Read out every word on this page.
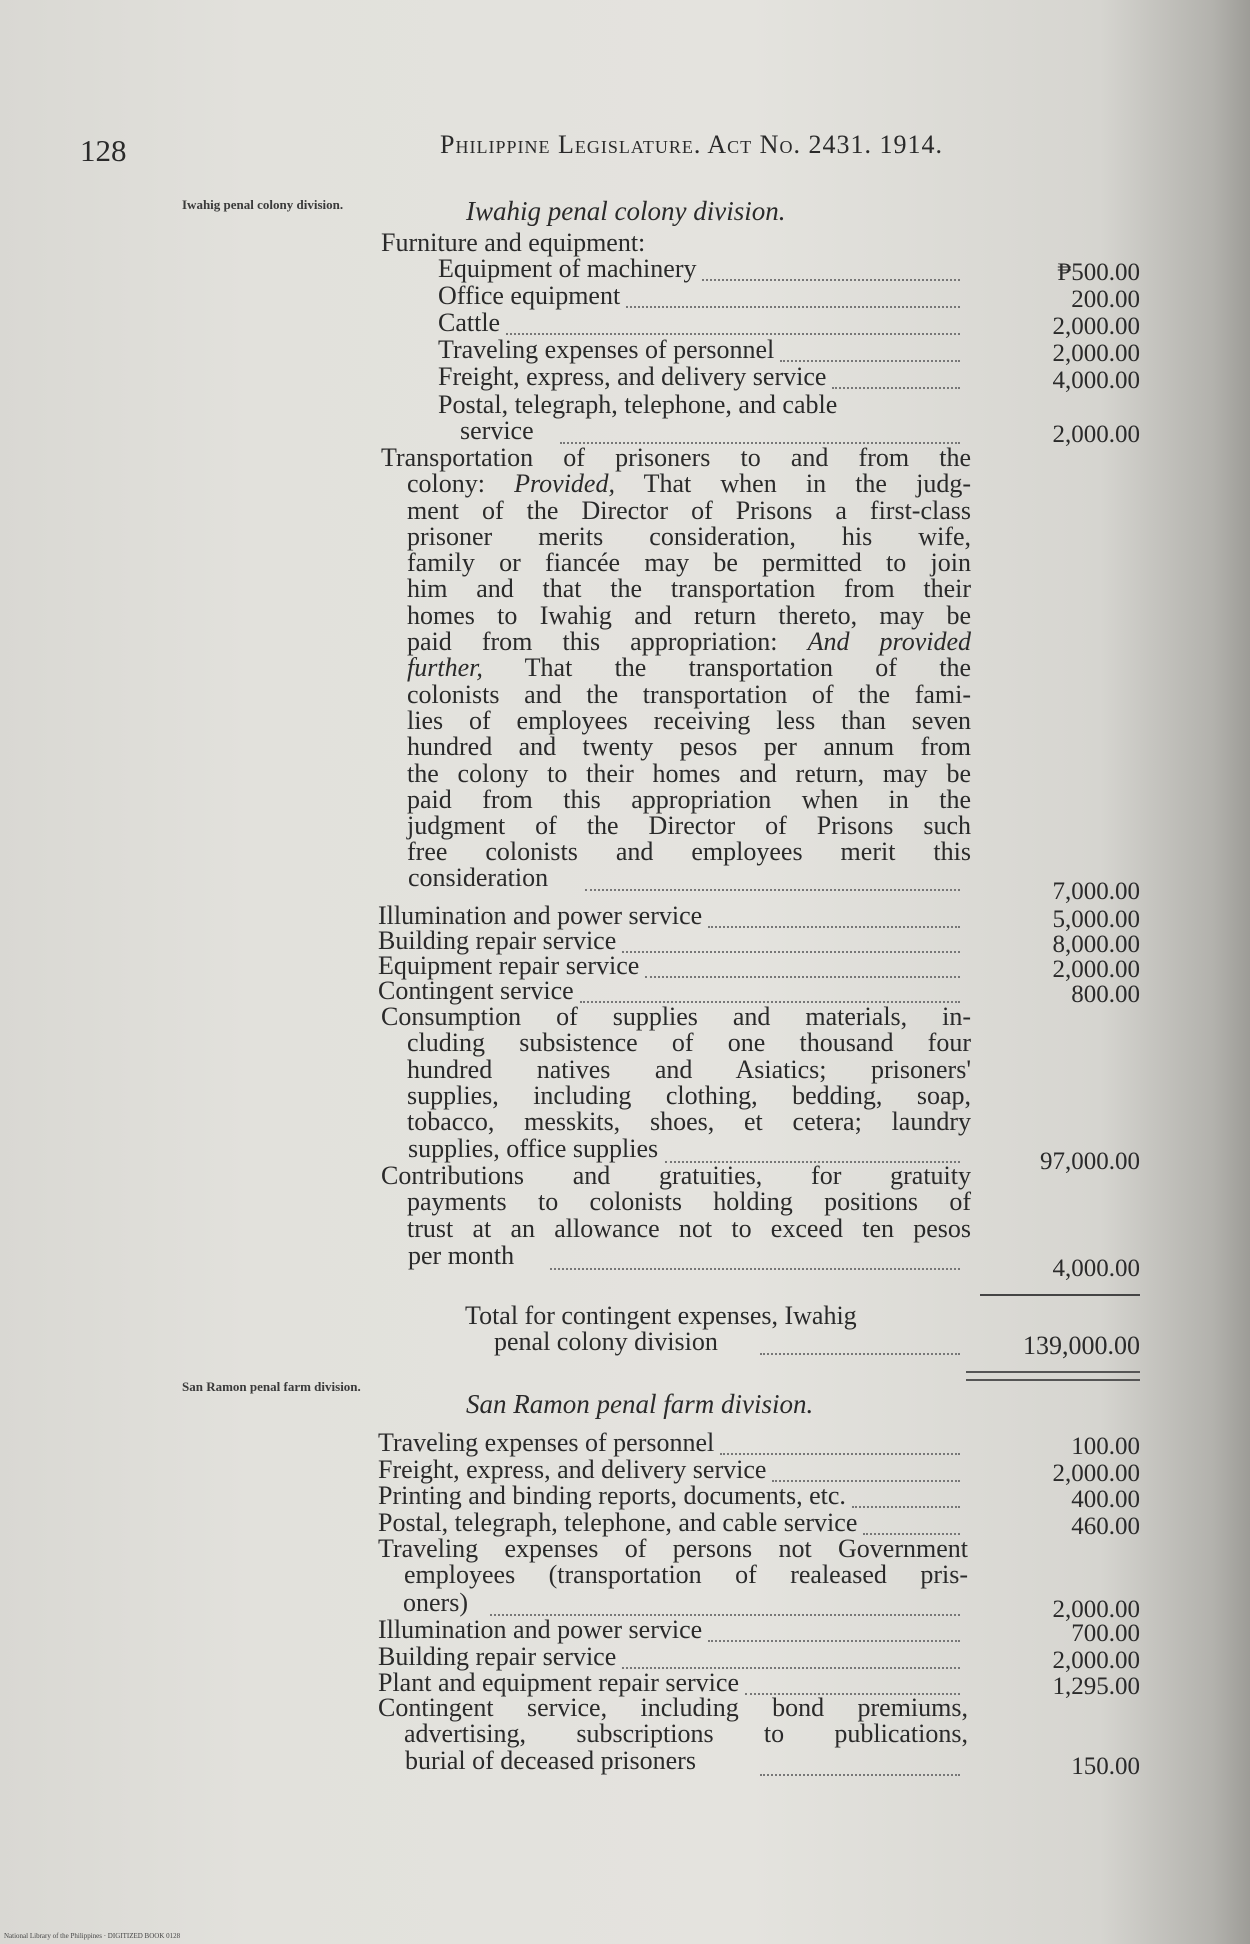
128	Philippine Legislature. Act No. 2431. 1914.
Iwahig penal colony division.	Iwahig penal colony division.
Furniture and equipment:
Equipment of machinery	₱500.00
Office equipment	200.00
Cattle	2,000.00
Traveling expenses of personnel	2,000.00
Freight, express, and delivery service	4,000.00
Postal, telegraph, telephone, and cable
service	2,000.00
Transportation of prisoners to and from the
colony: Provided, That when in the judg-
ment of the Director of Prisons a first-class
prisoner merits consideration, his wife,
family or fiancée may be permitted to join
him and that the transportation from their
homes to Iwahig and return thereto, may be
paid from this appropriation: And provided
further, That the transportation of the
colonists and the transportation of the fami-
lies of employees receiving less than seven
hundred and twenty pesos per annum from
the colony to their homes and return, may be
paid from this appropriation when in the
judgment of the Director of Prisons such
free colonists and employees merit this
consideration	7,000.00
Illumination and power service	5,000.00
Building repair service	8,000.00
Equipment repair service	2,000.00
Contingent service	800.00
Consumption of supplies and materials, in-
cluding subsistence of one thousand four
hundred natives and Asiatics; prisoners'
supplies, including clothing, bedding, soap,
tobacco, messkits, shoes, et cetera; laundry
supplies, office supplies	97,000.00
Contributions and gratuities, for gratuity
payments to colonists holding positions of
trust at an allowance not to exceed ten pesos
per month	4,000.00
Total for contingent expenses, Iwahig
penal colony division	139,000.00
San Ramon penal farm division.
San Ramon penal farm division.
Traveling expenses of personnel	100.00
Freight, express, and delivery service	2,000.00
Printing and binding reports, documents, etc.	400.00
Postal, telegraph, telephone, and cable service	460.00
Traveling expenses of persons not Government
employees (transportation of realeased pris-
oners)	2,000.00
Illumination and power service	700.00
Building repair service	2,000.00
Plant and equipment repair service	1,295.00
Contingent service, including bond premiums,
advertising, subscriptions to publications,
burial of deceased prisoners	150.00
National Library of the Philippines · DIGITIZED BOOK 0128
